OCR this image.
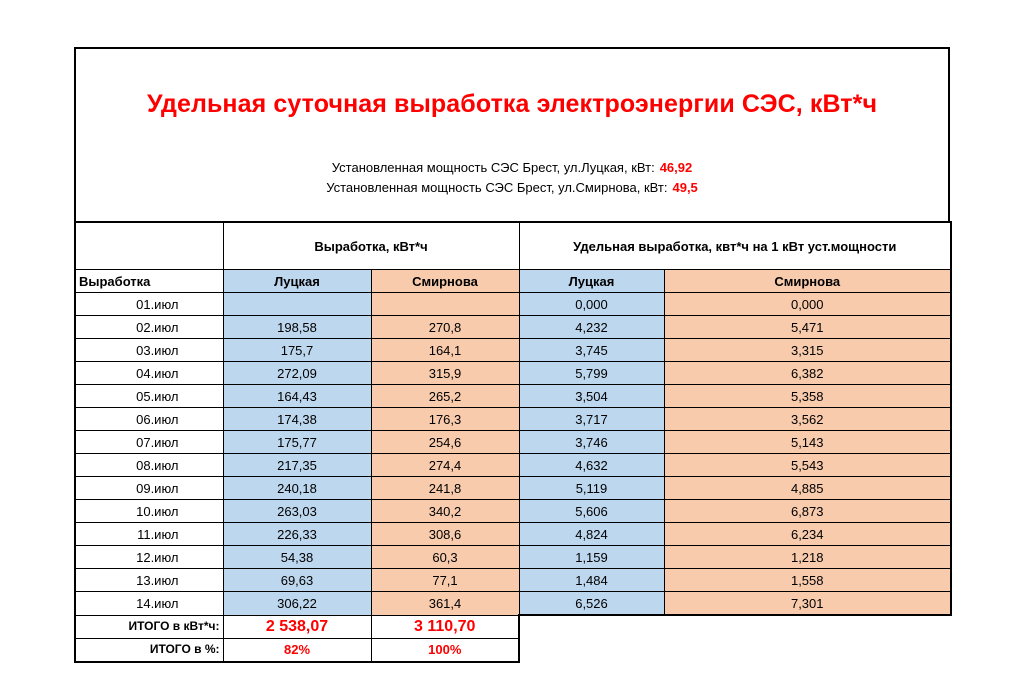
Удельная суточная выработка электроэнергии СЭС, кВт*ч
Установленная мощность СЭС Брест, ул.Луцкая, кВт: 46,92
Установленная мощность СЭС Брест, ул.Смирнова, кВт: 49,5
	Выработка, кВт*ч		Удельная выработка, квт*ч на 1 кВт уст.мощности	
Выработка	Луцкая	Смирнова	Луцкая	Смирнова
01.июл			0,000	0,000
02.июл	198,58	270,8	4,232	5,471
03.июл	175,7	164,1	3,745	3,315
04.июл	272,09	315,9	5,799	6,382
05.июл	164,43	265,2	3,504	5,358
06.июл	174,38	176,3	3,717	3,562
07.июл	175,77	254,6	3,746	5,143
08.июл	217,35	274,4	4,632	5,543
09.июл	240,18	241,8	5,119	4,885
10.июл	263,03	340,2	5,606	6,873
11.июл	226,33	308,6	4,824	6,234
12.июл	54,38	60,3	1,159	1,218
13.июл	69,63	77,1	1,484	1,558
14.июл	306,22	361,4	6,526	7,301
ИТОГО в кВт*ч:	2 538,07	3 110,70		
ИТОГО в %:	82%	100%		
